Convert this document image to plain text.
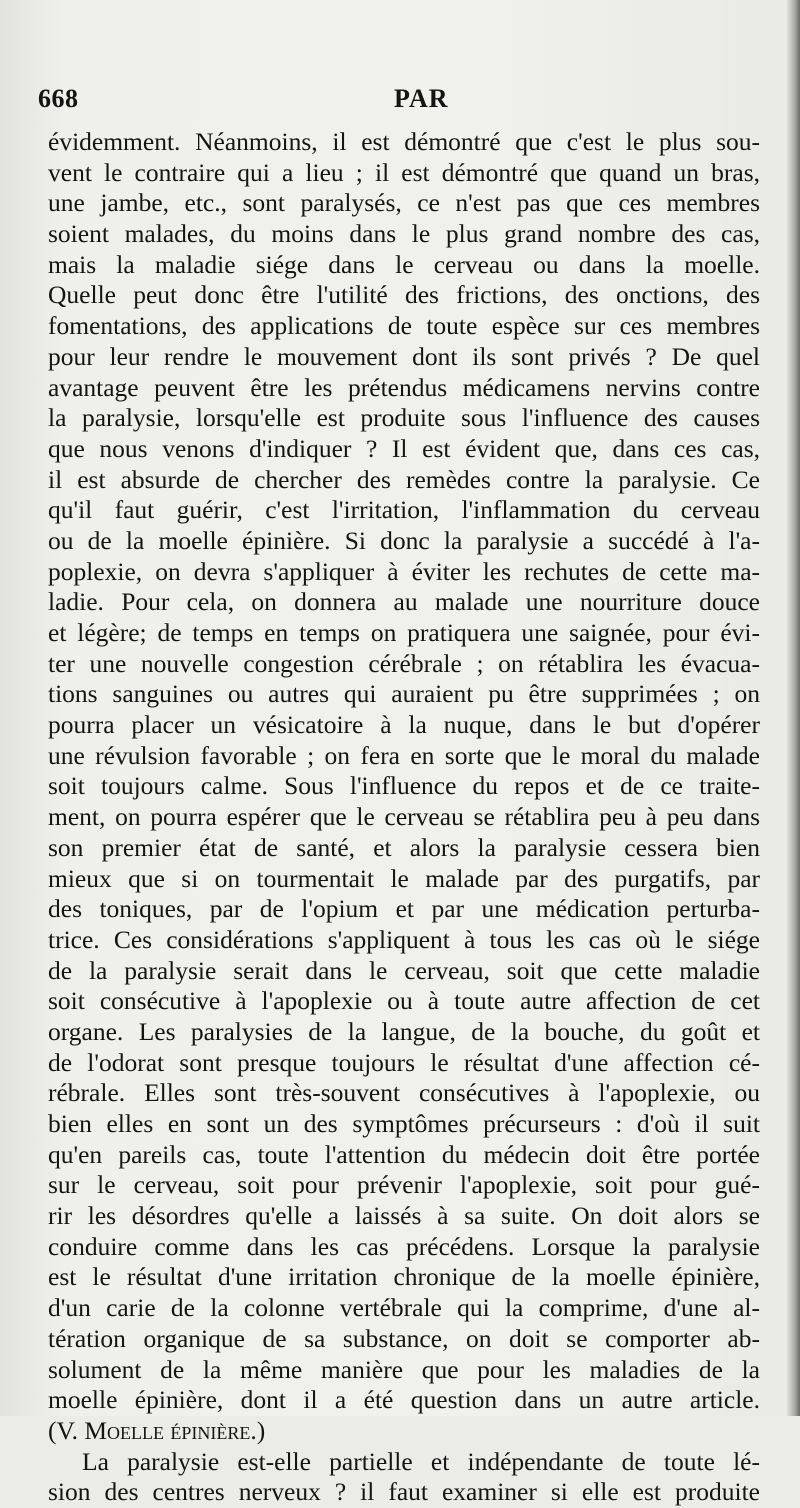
668	PAR
évidemment. Néanmoins, il est démontré que c'est le plus sou-
vent le contraire qui a lieu ; il est démontré que quand un bras,
une jambe, etc., sont paralysés, ce n'est pas que ces membres
soient malades, du moins dans le plus grand nombre des cas,
mais la maladie siége dans le cerveau ou dans la moelle.
Quelle peut donc être l'utilité des frictions, des onctions, des
fomentations, des applications de toute espèce sur ces membres
pour leur rendre le mouvement dont ils sont privés ? De quel
avantage peuvent être les prétendus médicamens nervins contre
la paralysie, lorsqu'elle est produite sous l'influence des causes
que nous venons d'indiquer ? Il est évident que, dans ces cas,
il est absurde de chercher des remèdes contre la paralysie. Ce
qu'il faut guérir, c'est l'irritation, l'inflammation du cerveau
ou de la moelle épinière. Si donc la paralysie a succédé à l'a-
poplexie, on devra s'appliquer à éviter les rechutes de cette ma-
ladie. Pour cela, on donnera au malade une nourriture douce
et légère; de temps en temps on pratiquera une saignée, pour évi-
ter une nouvelle congestion cérébrale ; on rétablira les évacua-
tions sanguines ou autres qui auraient pu être supprimées ; on
pourra placer un vésicatoire à la nuque, dans le but d'opérer
une révulsion favorable ; on fera en sorte que le moral du malade
soit toujours calme. Sous l'influence du repos et de ce traite-
ment, on pourra espérer que le cerveau se rétablira peu à peu dans
son premier état de santé, et alors la paralysie cessera bien
mieux que si on tourmentait le malade par des purgatifs, par
des toniques, par de l'opium et par une médication perturba-
trice. Ces considérations s'appliquent à tous les cas où le siége
de la paralysie serait dans le cerveau, soit que cette maladie
soit consécutive à l'apoplexie ou à toute autre affection de cet
organe. Les paralysies de la langue, de la bouche, du goût et
de l'odorat sont presque toujours le résultat d'une affection cé-
rébrale. Elles sont très-souvent consécutives à l'apoplexie, ou
bien elles en sont un des symptômes précurseurs : d'où il suit
qu'en pareils cas, toute l'attention du médecin doit être portée
sur le cerveau, soit pour prévenir l'apoplexie, soit pour gué-
rir les désordres qu'elle a laissés à sa suite. On doit alors se
conduire comme dans les cas précédens. Lorsque la paralysie
est le résultat d'une irritation chronique de la moelle épinière,
d'un carie de la colonne vertébrale qui la comprime, d'une al-
tération organique de sa substance, on doit se comporter ab-
solument de la même manière que pour les maladies de la
moelle épinière, dont il a été question dans un autre article.
(V. Moelle épinière.)
La paralysie est-elle partielle et indépendante de toute lé-
sion des centres nerveux ? il faut examiner si elle est produite
